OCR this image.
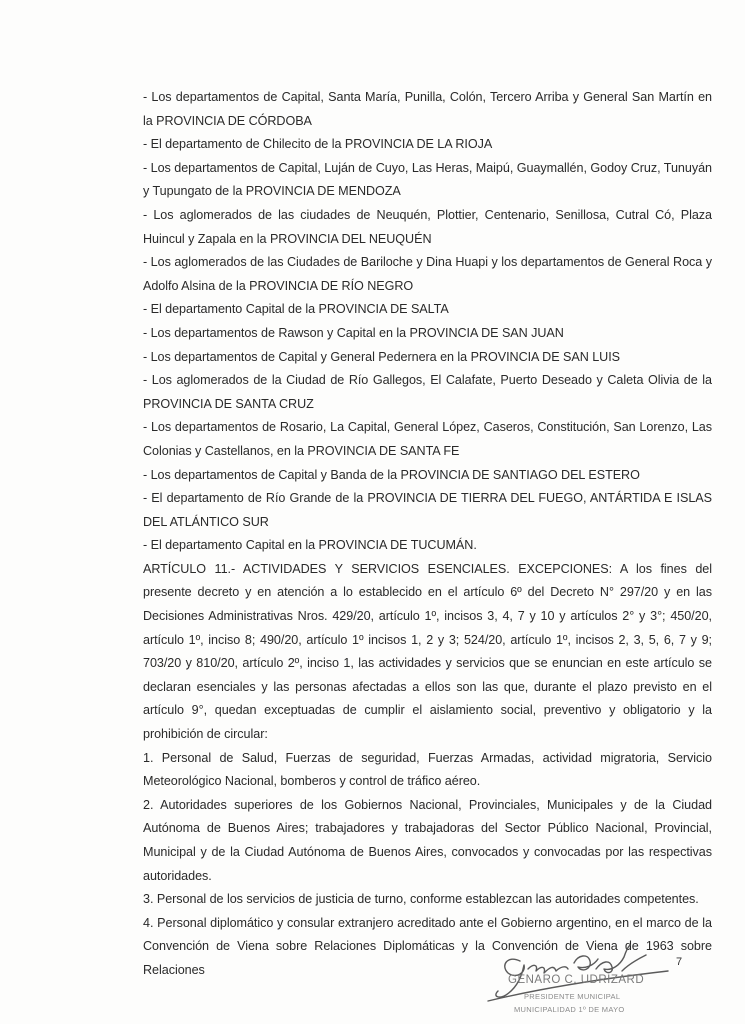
- Los departamentos de Capital, Santa María, Punilla, Colón, Tercero Arriba y General San Martín en la PROVINCIA DE CÓRDOBA

- El departamento de Chilecito de la PROVINCIA DE LA RIOJA

- Los departamentos de Capital, Luján de Cuyo, Las Heras, Maipú, Guaymallén, Godoy Cruz, Tunuyán y Tupungato de la PROVINCIA DE MENDOZA

- Los aglomerados de las ciudades de Neuquén, Plottier, Centenario, Senillosa, Cutral Có, Plaza Huincul y Zapala en la PROVINCIA DEL NEUQUÉN

- Los aglomerados de las Ciudades de Bariloche y Dina Huapi y los departamentos de General Roca y Adolfo Alsina de la PROVINCIA DE RÍO NEGRO

- El departamento Capital de la PROVINCIA DE SALTA

- Los departamentos de Rawson y Capital en la PROVINCIA DE SAN JUAN

- Los departamentos de Capital y General Pedernera en la PROVINCIA DE SAN LUIS

- Los aglomerados de la Ciudad de Río Gallegos, El Calafate, Puerto Deseado y Caleta Olivia de la PROVINCIA DE SANTA CRUZ

- Los departamentos de Rosario, La Capital, General López, Caseros, Constitución, San Lorenzo, Las Colonias y Castellanos, en la PROVINCIA DE SANTA FE

- Los departamentos de Capital y Banda de la PROVINCIA DE SANTIAGO DEL ESTERO

- El departamento de Río Grande de la PROVINCIA DE TIERRA DEL FUEGO, ANTÁRTIDA E ISLAS DEL ATLÁNTICO SUR

- El departamento Capital en la PROVINCIA DE TUCUMÁN.

ARTÍCULO 11.- ACTIVIDADES Y SERVICIOS ESENCIALES. EXCEPCIONES: A los fines del presente decreto y en atención a lo establecido en el artículo 6º del Decreto N° 297/20 y en las Decisiones Administrativas Nros. 429/20, artículo 1º, incisos 3, 4, 7 y 10 y artículos 2° y 3°; 450/20, artículo 1º, inciso 8; 490/20, artículo 1º incisos 1, 2 y 3; 524/20, artículo 1º, incisos 2, 3, 5, 6, 7 y 9; 703/20 y 810/20, artículo 2º, inciso 1, las actividades y servicios que se enuncian en este artículo se declaran esenciales y las personas afectadas a ellos son las que, durante el plazo previsto en el artículo 9°, quedan exceptuadas de cumplir el aislamiento social, preventivo y obligatorio y la prohibición de circular:

1. Personal de Salud, Fuerzas de seguridad, Fuerzas Armadas, actividad migratoria, Servicio Meteorológico Nacional, bomberos y control de tráfico aéreo.

2. Autoridades superiores de los Gobiernos Nacional, Provinciales, Municipales y de la Ciudad Autónoma de Buenos Aires; trabajadores y trabajadoras del Sector Público Nacional, Provincial, Municipal y de la Ciudad Autónoma de Buenos Aires, convocados y convocadas por las respectivas autoridades.

3. Personal de los servicios de justicia de turno, conforme establezcan las autoridades competentes.

4. Personal diplomático y consular extranjero acreditado ante el Gobierno argentino, en el marco de la Convención de Viena sobre Relaciones Diplomáticas y la Convención de Viena de 1963 sobre Relaciones

7
GENARO C. UDRIZARD
PRESIDENTE MUNICIPAL
MUNICIPALIDAD 1º DE MAYO
